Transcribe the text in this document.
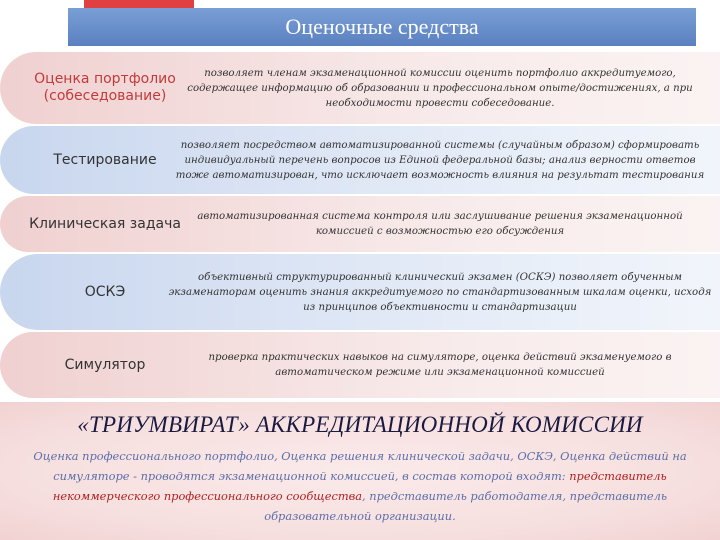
Оценочные средства
Оценка портфолио (собеседование)
позволяет членам экзаменационной комиссии оценить портфолио аккредитуемого, содержащее информацию об образовании и профессиональном опыте/достижениях, а при необходимости провести собеседование.
Тестирование
позволяет посредством автоматизированной системы (случайным образом) сформировать индивидуальный перечень вопросов из Единой федеральной базы; анализ верности ответов тоже автоматизирован, что исключает возможность влияния на результат тестирования
Клиническая задача	автоматизированная система контроля или заслушивание решения экзаменационной комиссией с возможностью его обсуждения
ОСКЭ
объективный структурированный клинический экзамен (ОСКЭ) позволяет обученным экзаменаторам оценить знания аккредитуемого по стандартизованным шкалам оценки, исходя из принципов объективности и стандартизации
Симулятор	проверка практических навыков на симуляторе, оценка действий экзаменуемого в автоматическом режиме или экзаменационной комиссией
«ТРИУМВИРАТ» АККРЕДИТАЦИОННОЙ КОМИССИИ
Оценка профессионального портфолио, Оценка решения клинической задачи, ОСКЭ, Оценка действий на симуляторе - проводятся экзаменационной комиссией, в состав которой входят: представитель некоммерческого профессионального сообщества, представитель работодателя, представитель образовательной организации.
